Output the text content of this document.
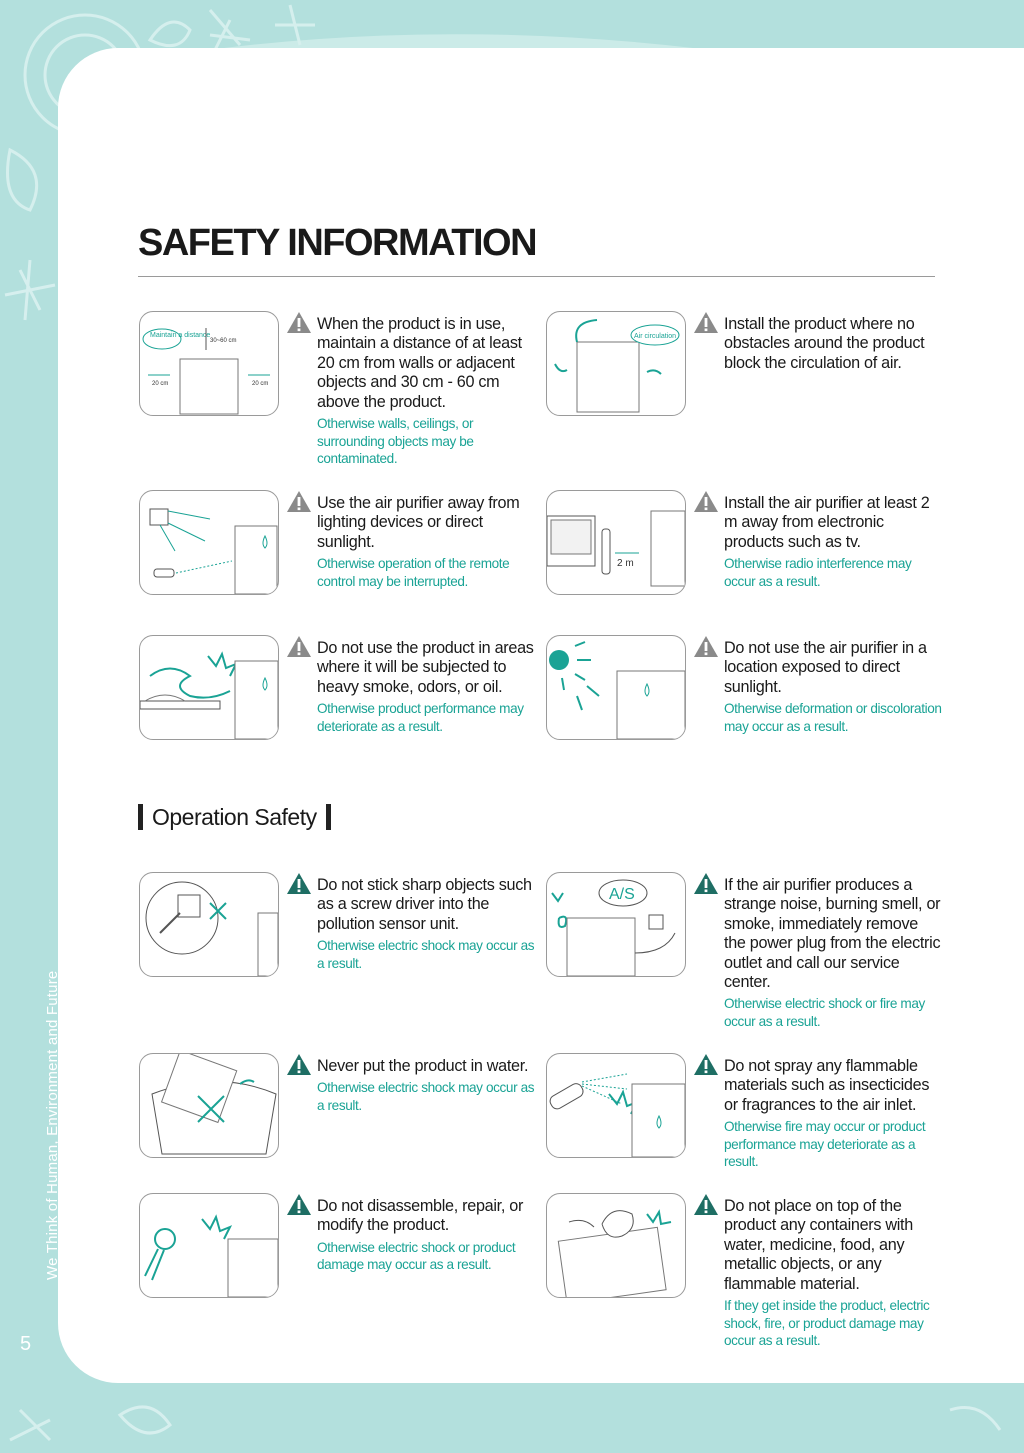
SAFETY INFORMATION
Maintain a distance
30~60 cm
20 cm	20 cm

When the product is in use, maintain a distance of at least 20 cm from walls or adjacent objects and 30 cm - 60 cm above the product.

Otherwise walls, ceilings, or surrounding objects may be contaminated.

Air circulation

Install the product where no obstacles around the product block the circulation of air.

Use the air purifier away from lighting devices or direct sunlight.

Otherwise operation of the remote control may be interrupted.

2 m

Install the air purifier at least 2 m away from electronic products such as tv.

Otherwise radio interference may occur as a result.

Do not use the product in areas where it will be subjected to heavy smoke, odors, or oil.

Otherwise product performance may deteriorate as a result.

Do not use the air purifier in a location exposed to direct sunlight.

Otherwise deformation or discoloration may occur as a result.

Operation Safety

Do not stick sharp objects such as a screw driver into the pollution sensor unit.

Otherwise electric shock may occur as a result.

A/S

If the air purifier produces a strange noise, burning smell, or smoke, immediately remove the power plug from the electric outlet and call our service center.

Otherwise electric shock or fire may occur as a result.

Never put the product in water.

Otherwise electric shock may occur as a result.

Do not spray any flammable materials such as insecticides or fragrances to the air inlet.

Otherwise fire may occur or product performance may deteriorate as a result.

Do not disassemble, repair, or modify the product.

Otherwise electric shock or product damage may occur as a result.

Do not place on top of the product any containers with water, medicine, food, any metallic objects, or any flammable material.

If they get inside the product, electric shock, fire, or product damage may occur as a result.

We Think of Human, Environment and Future
5
